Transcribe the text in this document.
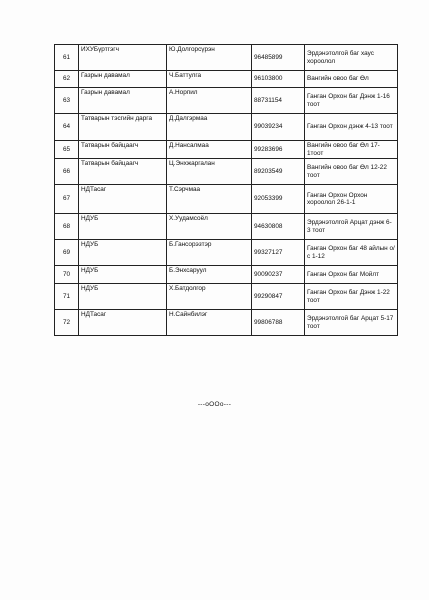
61	ИХУБүртгэгч	Ю.Долгорсүрэн	96485899	Эрдэнэтолгой баг хаус хороолол
62	Газрын давамал	Ч.Баттулга	96103800	Вангийн овоо баг Өл
63	Газрын давамал	А.Норпил	88731154	Ганган Орхон баг Дэнж 1-16 тоот
64	Татварын тэсгийн дарга	Д.Далгэрмаа	99039234	Ганган Орхон дэнж 4-13 тоот
65	Татварын байцаагч	Д.Нансалмаа	99283696	Вангийн овоо баг Өл 17-1тоот
66	Татварын байцаагч	Ц.Энхжаргалан	89203549	Вангийн овоо баг Өл 12-22 тоот
67	НДТасаг	Т.Сэрчмаа	92053399	Ганган Орхон Орхон хороолол 26-1-1
68	НДУБ	Х.Уудамсоёл	94630808	Эрдэнэтолгой Арцат дэнж 6-3 тоот
69	НДУБ	Б.Гансорэзтэр	99327127	Ганган Орхон баг 48 айлын о/с 1-12
70	НДУБ	Б.Энхсаруул	90090237	Ганган Орхон баг Мойлт
71	НДУБ	Х.Батдолгор	99290847	Ганган Орхон баг Дэнж 1-22 тоот
72	НДТасаг	Н.Сайнбилэг	99806788	Эрдэнэтолгой баг Арцат 5-17 тоот
---oOOo---
